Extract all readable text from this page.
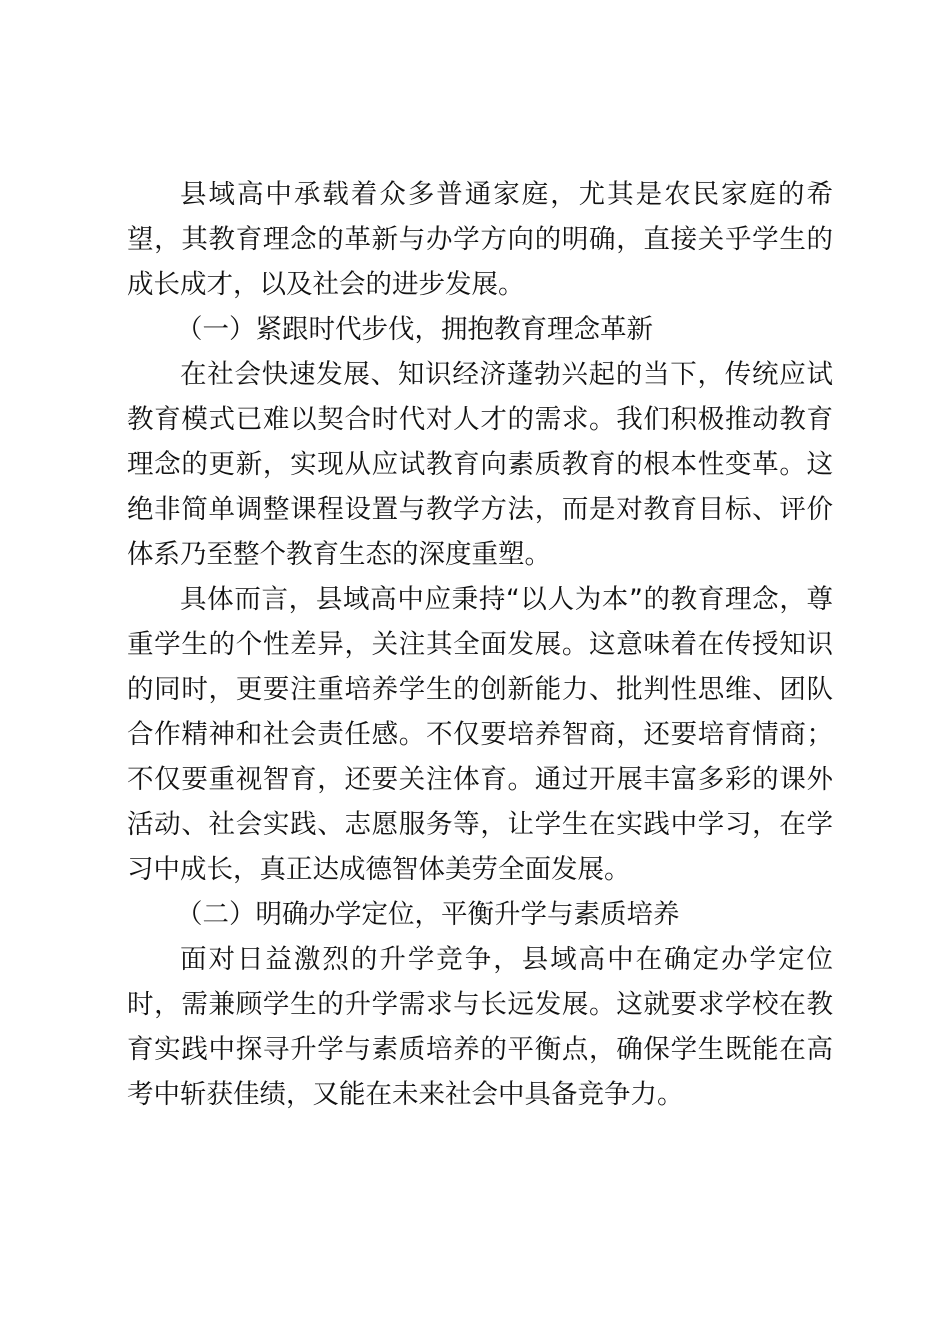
县域高中承载着众多普通家庭，尤其是农民家庭的希望，其教育理念的革新与办学方向的明确，直接关乎学生的成长成才，以及社会的进步发展。

（一）紧跟时代步伐，拥抱教育理念革新

在社会快速发展、知识经济蓬勃兴起的当下，传统应试教育模式已难以契合时代对人才的需求。我们积极推动教育理念的更新，实现从应试教育向素质教育的根本性变革。这绝非简单调整课程设置与教学方法，而是对教育目标、评价体系乃至整个教育生态的深度重塑。

具体而言，县域高中应秉持“以人为本”的教育理念，尊重学生的个性差异，关注其全面发展。这意味着在传授知识的同时，更要注重培养学生的创新能力、批判性思维、团队合作精神和社会责任感。不仅要培养智商，还要培育情商；不仅要重视智育，还要关注体育。通过开展丰富多彩的课外活动、社会实践、志愿服务等，让学生在实践中学习，在学习中成长，真正达成德智体美劳全面发展。

（二）明确办学定位，平衡升学与素质培养

面对日益激烈的升学竞争，县域高中在确定办学定位时，需兼顾学生的升学需求与长远发展。这就要求学校在教育实践中探寻升学与素质培养的平衡点，确保学生既能在高考中斩获佳绩，又能在未来社会中具备竞争力。
